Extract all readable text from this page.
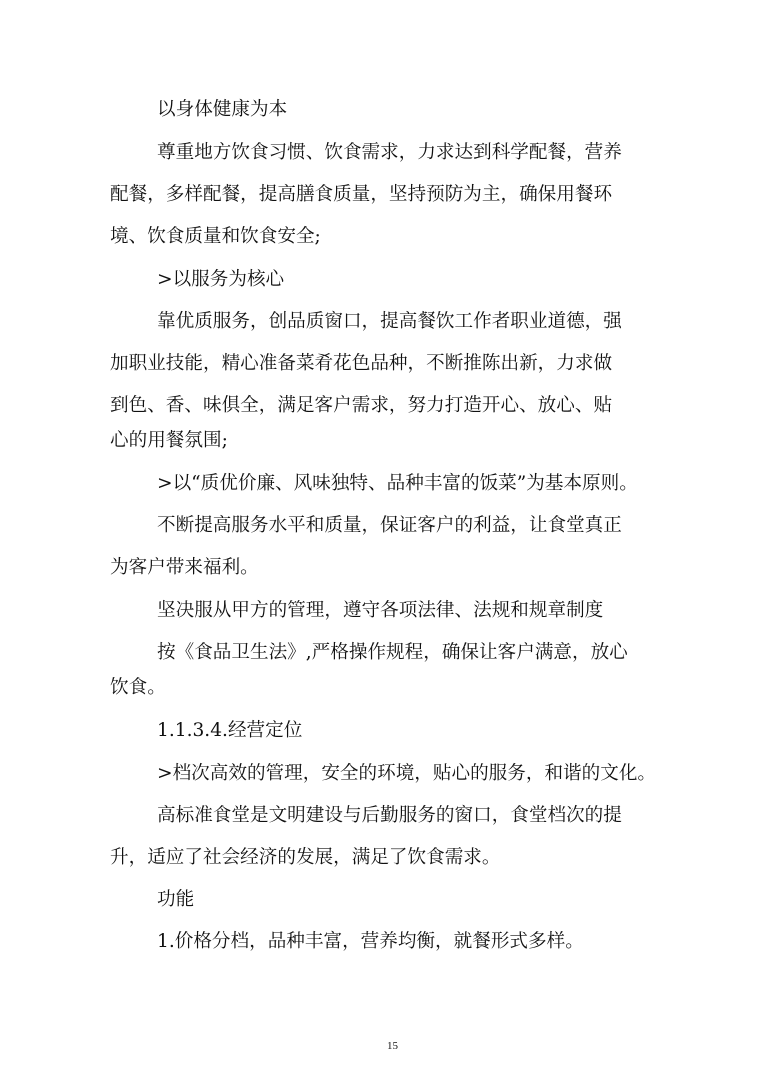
以身体健康为本
尊重地方饮食习惯、饮食需求，力求达到科学配餐，营养
配餐，多样配餐，提高膳食质量，坚持预防为主，确保用餐环
境、饮食质量和饮食安全;
>以服务为核心
靠优质服务，创品质窗口，提高餐饮工作者职业道德，强
加职业技能，精心准备菜肴花色品种，不断推陈出新，力求做
到色、香、味俱全，满足客户需求，努力打造开心、放心、贴
心的用餐氛围;
>以“质优价廉、风味独特、品种丰富的饭菜”为基本原则。
不断提高服务水平和质量，保证客户的利益，让食堂真正
为客户带来福利。
坚决服从甲方的管理，遵守各项法律、法规和规章制度
按《食品卫生法》,严格操作规程，确保让客户满意，放心
饮食。
1.1.3.4.经营定位
>档次高效的管理，安全的环境，贴心的服务，和谐的文化。
高标准食堂是文明建设与后勤服务的窗口，食堂档次的提
升，适应了社会经济的发展，满足了饮食需求。
功能
1.价格分档，品种丰富，营养均衡，就餐形式多样。
15
